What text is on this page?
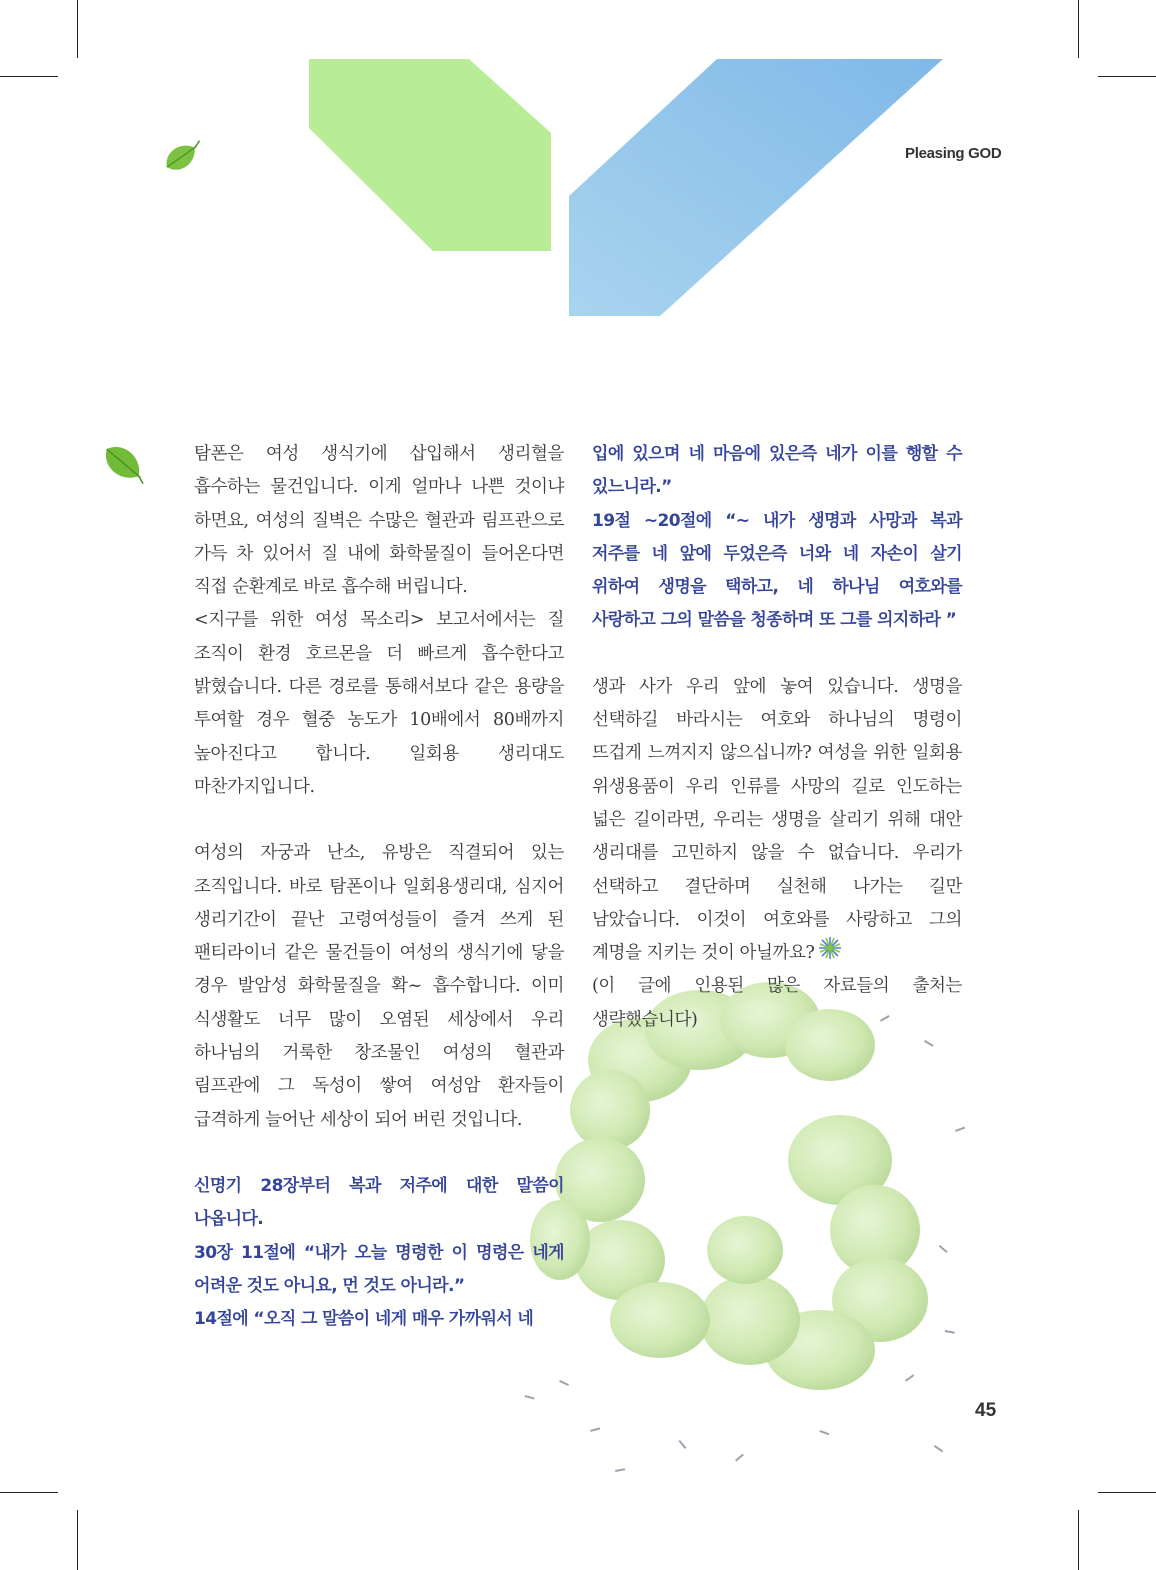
Pleasing GOD

탐폰은 여성 생식기에 삽입해서 생리혈을 흡수하는 물건입니다. 이게 얼마나 나쁜 것이냐 하면요, 여성의 질벽은 수많은 혈관과 림프관으로 가득 차 있어서 질 내에 화학물질이 들어온다면 직접 순환계로 바로 흡수해 버립니다.

<지구를 위한 여성 목소리> 보고서에서는 질 조직이 환경 호르몬을 더 빠르게 흡수한다고 밝혔습니다. 다른 경로를 통해서보다 같은 용량을 투여할 경우 혈중 농도가 10배에서 80배까지 높아진다고 합니다. 일회용 생리대도 마찬가지입니다.

여성의 자궁과 난소, 유방은 직결되어 있는 조직입니다. 바로 탐폰이나 일회용생리대, 심지어 생리기간이 끝난 고령여성들이 즐겨 쓰게 된 팬티라이너 같은 물건들이 여성의 생식기에 닿을 경우 발암성 화학물질을 확~ 흡수합니다. 이미 식생활도 너무 많이 오염된 세상에서 우리 하나님의 거룩한 창조물인 여성의 혈관과 림프관에 그 독성이 쌓여 여성암 환자들이 급격하게 늘어난 세상이 되어 버린 것입니다.

신명기 28장부터 복과 저주에 대한 말씀이 나옵니다.

30장 11절에 “내가 오늘 명령한 이 명령은 네게 어려운 것도 아니요, 먼 것도 아니라.”

14절에 “오직 그 말씀이 네게 매우 가까워서 네

입에 있으며 네 마음에 있은즉 네가 이를 행할 수 있느니라.”

19절 ~20절에 “~ 내가 생명과 사망과 복과 저주를 네 앞에 두었은즉 너와 네 자손이 살기 위하여 생명을 택하고, 네 하나님 여호와를 사랑하고 그의 말씀을 청종하며 또 그를 의지하라 ”

생과 사가 우리 앞에 놓여 있습니다. 생명을 선택하길 바라시는 여호와 하나님의 명령이 뜨겁게 느껴지지 않으십니까? 여성을 위한 일회용 위생용품이 우리 인류를 사망의 길로 인도하는 넓은 길이라면, 우리는 생명을 살리기 위해 대안 생리대를 고민하지 않을 수 없습니다. 우리가 선택하고 결단하며 실천해 나가는 길만 남았습니다. 이것이 여호와를 사랑하고 그의 계명을 지키는 것이 아닐까요?

(이 글에 인용된 많은 자료들의 출처는 생략했습니다)

45
